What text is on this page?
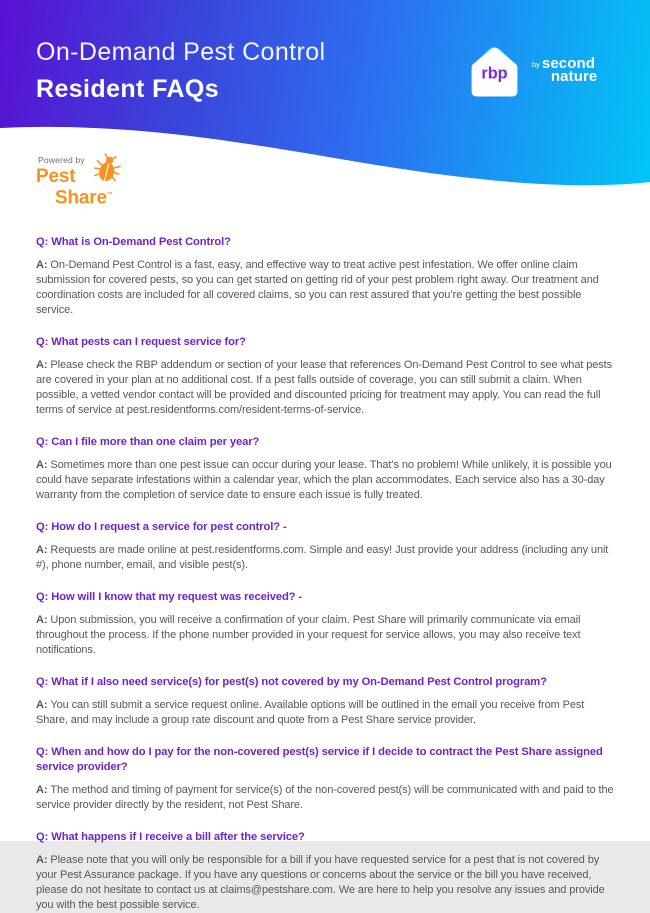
On-Demand Pest Control
Resident FAQs
rbp
by second
nature
Powered by
Pest
Share™
Q: What is On-Demand Pest Control?

A: On-Demand Pest Control is a fast, easy, and effective way to treat active pest infestation. We offer online claim submission for covered pests, so you can get started on getting rid of your pest problem right away. Our treatment and coordination costs are included for all covered claims, so you can rest assured that you’re getting the best possible service.

Q: What pests can I request service for?

A: Please check the RBP addendum or section of your lease that references On-Demand Pest Control to see what pests are covered in your plan at no additional cost. If a pest falls outside of coverage, you can still submit a claim. When possible, a vetted vendor contact will be provided and discounted pricing for treatment may apply. You can read the full terms of service at pest.residentforms.com/resident-terms-of-service.

Q: Can I file more than one claim per year?

A: Sometimes more than one pest issue can occur during your lease. That’s no problem! While unlikely, it is possible you could have separate infestations within a calendar year, which the plan accommodates. Each service also has a 30-day warranty from the completion of service date to ensure each issue is fully treated.

Q: How do I request a service for pest control? -

A: Requests are made online at pest.residentforms.com. Simple and easy! Just provide your address (including any unit #), phone number, email, and visible pest(s).

Q: How will I know that my request was received? -

A: Upon submission, you will receive a confirmation of your claim. Pest Share will primarily communicate via email throughout the process. If the phone number provided in your request for service allows, you may also receive text notifications.

Q: What if I also need service(s) for pest(s) not covered by my On-Demand Pest Control program?

A: You can still submit a service request online. Available options will be outlined in the email you receive from Pest Share, and may include a group rate discount and quote from a Pest Share service provider.

Q: When and how do I pay for the non-covered pest(s) service if I decide to contract the Pest Share assigned service provider?

A: The method and timing of payment for service(s) of the non-covered pest(s) will be communicated with and paid to the service provider directly by the resident, not Pest Share.

Q: What happens if I receive a bill after the service?

A: Please note that you will only be responsible for a bill if you have requested service for a pest that is not covered by your Pest Assurance package. If you have any questions or concerns about the service or the bill you have received, please do not hesitate to contact us at claims@pestshare.com. We are here to help you resolve any issues and provide you with the best possible service.
